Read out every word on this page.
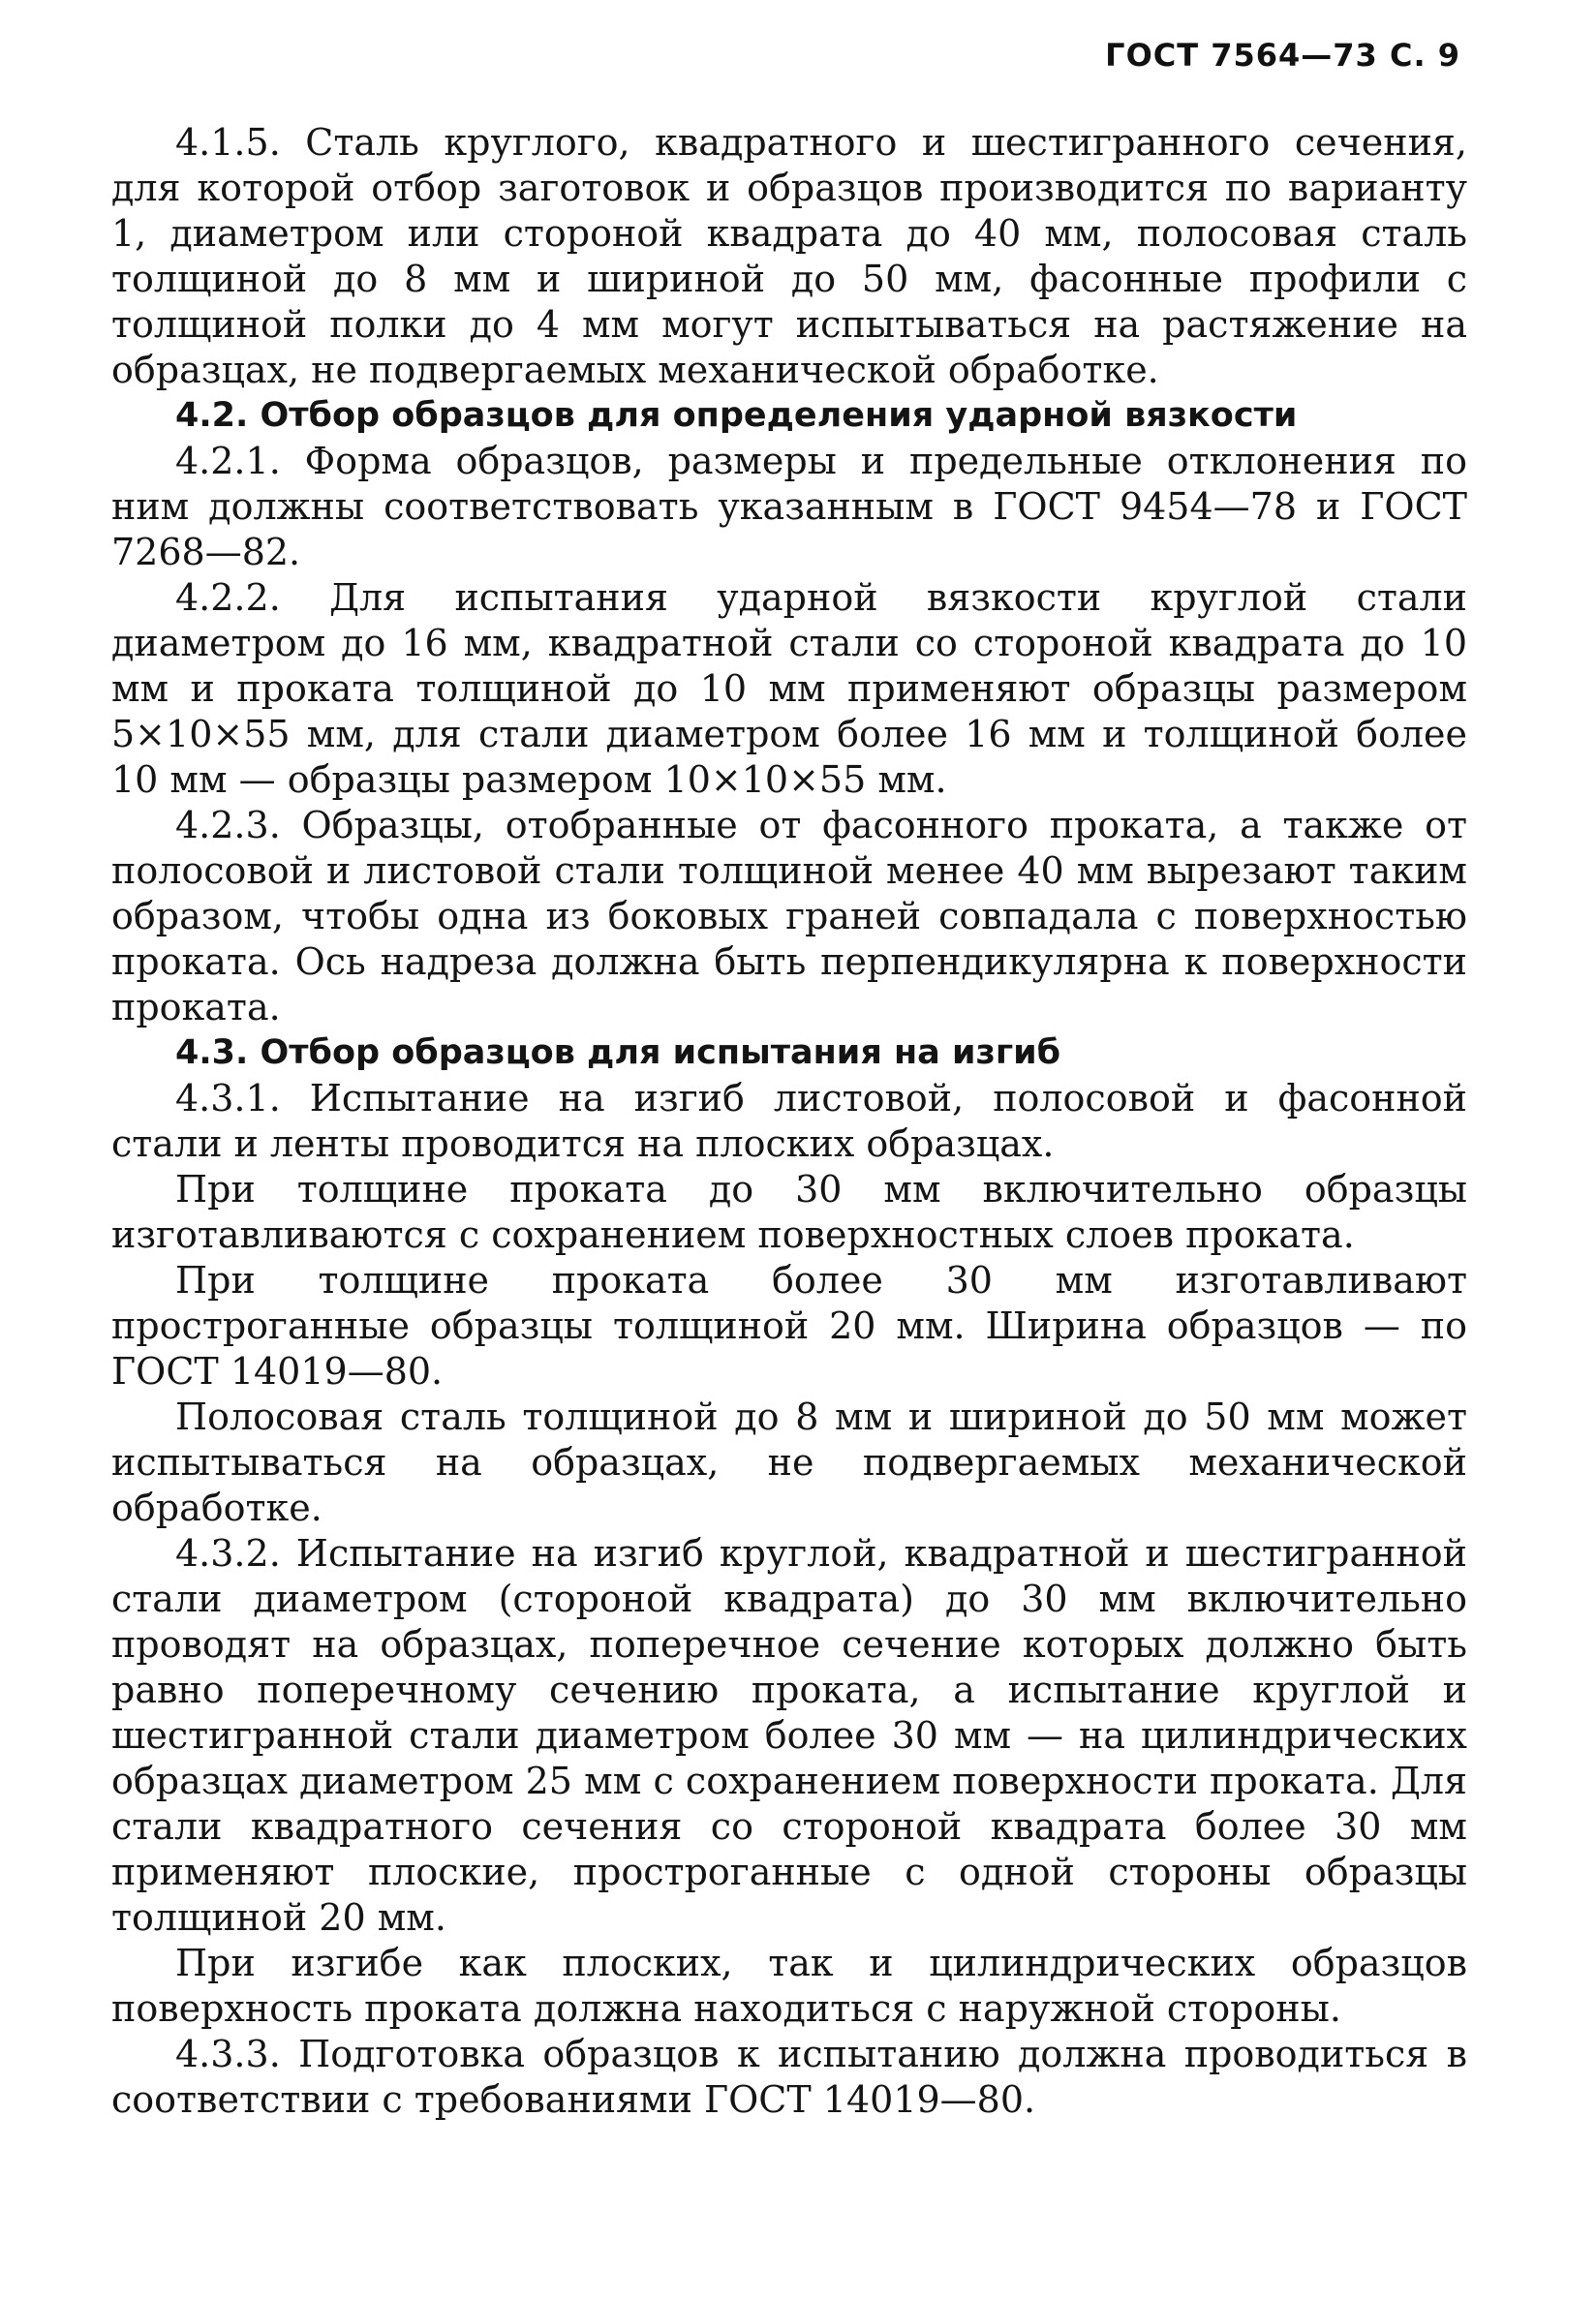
ГОСТ 7564—73 С. 9

4.1.5. Сталь круглого, квадратного и шестигранного сечения, для которой отбор заготовок и образцов производится по варианту 1, диаметром или стороной квадрата до 40 мм, полосовая сталь толщиной до 8 мм и шириной до 50 мм, фасонные профили с толщиной полки до 4 мм могут испытываться на растяжение на образцах, не подвергаемых механической обработке.

4.2. Отбор образцов для определения ударной вязкости

4.2.1. Форма образцов, размеры и предельные отклонения по ним должны соответствовать указанным в ГОСТ 9454—78 и ГОСТ 7268—82.

4.2.2. Для испытания ударной вязкости круглой стали диаметром до 16 мм, квадратной стали со стороной квадрата до 10 мм и проката толщиной до 10 мм применяют образцы размером 5×10×55 мм, для стали диаметром более 16 мм и толщиной более 10 мм — образцы размером 10×10×55 мм.

4.2.3. Образцы, отобранные от фасонного проката, а также от полосовой и листовой стали толщиной менее 40 мм вырезают таким образом, чтобы одна из боковых граней совпадала с поверхностью проката. Ось надреза должна быть перпендикулярна к поверхности проката.

4.3. Отбор образцов для испытания на изгиб

4.3.1. Испытание на изгиб листовой, полосовой и фасонной стали и ленты проводится на плоских образцах.

При толщине проката до 30 мм включительно образцы изготавливаются с сохранением поверхностных слоев проката.

При толщине проката более 30 мм изготавливают прострoганные образцы толщиной 20 мм. Ширина образцов — по ГОСТ 14019—80.

Полосовая сталь толщиной до 8 мм и шириной до 50 мм может испытываться на образцах, не подвергаемых механической обработке.

4.3.2. Испытание на изгиб круглой, квадратной и шестигранной стали диаметром (стороной квадрата) до 30 мм включительно проводят на образцах, поперечное сечение которых должно быть равно поперечному сечению проката, а испытание круглой и шестигранной стали диаметром более 30 мм — на цилиндрических образцах диаметром 25 мм с сохранением поверхности проката. Для стали квадратного сечения со стороной квадрата более 30 мм применяют плоские, прострoганные с одной стороны образцы толщиной 20 мм.

При изгибе как плоских, так и цилиндрических образцов поверхность проката должна находиться с наружной стороны.

4.3.3. Подготовка образцов к испытанию должна проводиться в соответствии с требованиями ГОСТ 14019—80.
